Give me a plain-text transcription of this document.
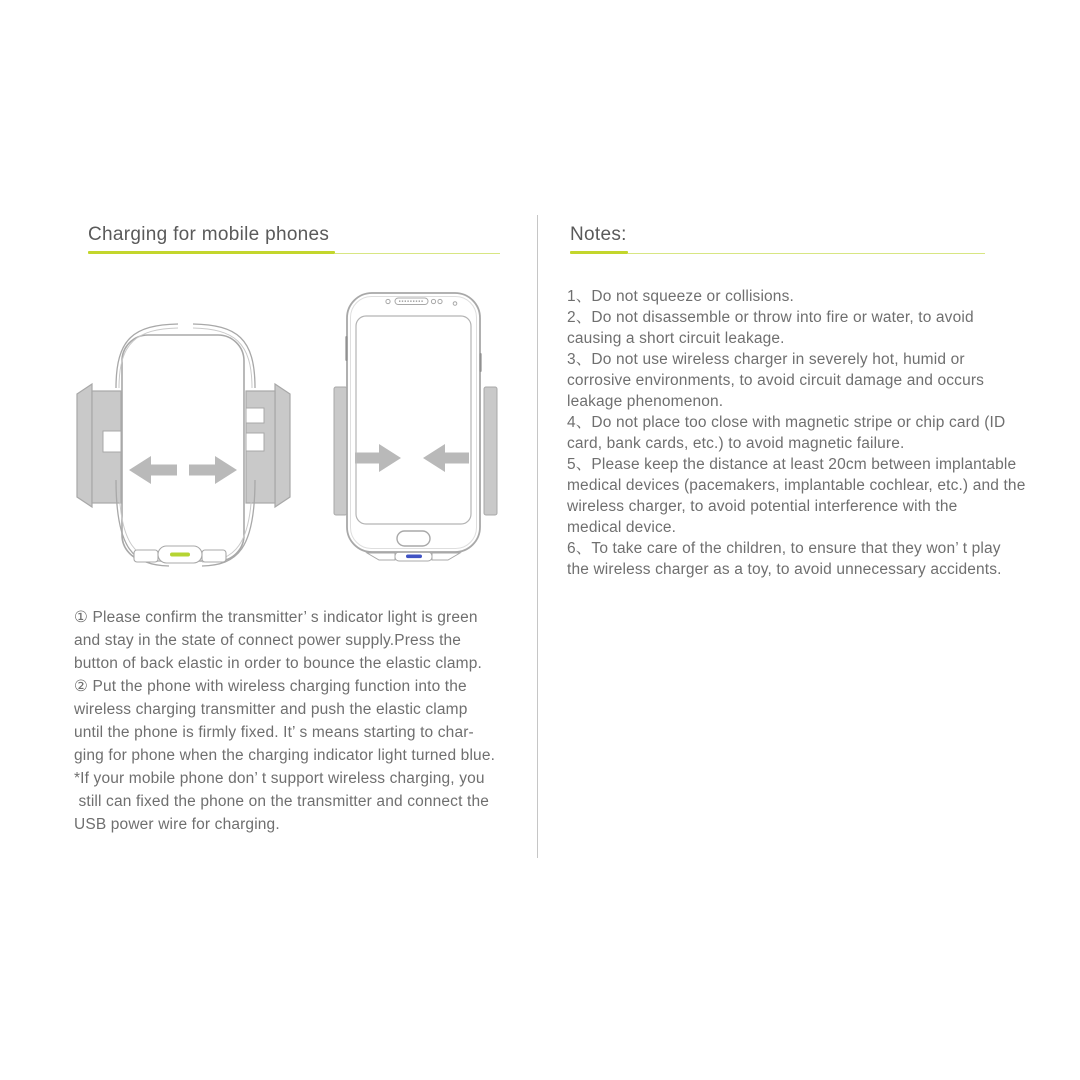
Charging for mobile phones
① Please confirm the transmitter’ s indicator light is green
and stay in the state of connect power supply.Press the
button of back elastic in order to bounce the elastic clamp.
② Put the phone with wireless charging function into the
wireless charging transmitter and push the elastic clamp
until the phone is firmly fixed. It’ s means starting to char-
ging for phone when the charging indicator light turned blue.
*If your mobile phone don’ t support wireless charging, you
still can fixed the phone on the transmitter and connect the
USB power wire for charging.
Notes:
1、Do not squeeze or collisions.
2、Do not disassemble or throw into fire or water, to avoid
causing a short circuit leakage.
3、Do not use wireless charger in severely hot, humid or
corrosive environments, to avoid circuit damage and occurs
leakage phenomenon.
4、Do not place too close with magnetic stripe or chip card (ID
card, bank cards, etc.) to avoid magnetic failure.
5、Please keep the distance at least 20cm between implantable
medical devices (pacemakers, implantable cochlear, etc.) and the
wireless charger, to avoid potential interference with the
medical device.
6、To take care of the children, to ensure that they won’ t play
the wireless charger as a toy, to avoid unnecessary accidents.
